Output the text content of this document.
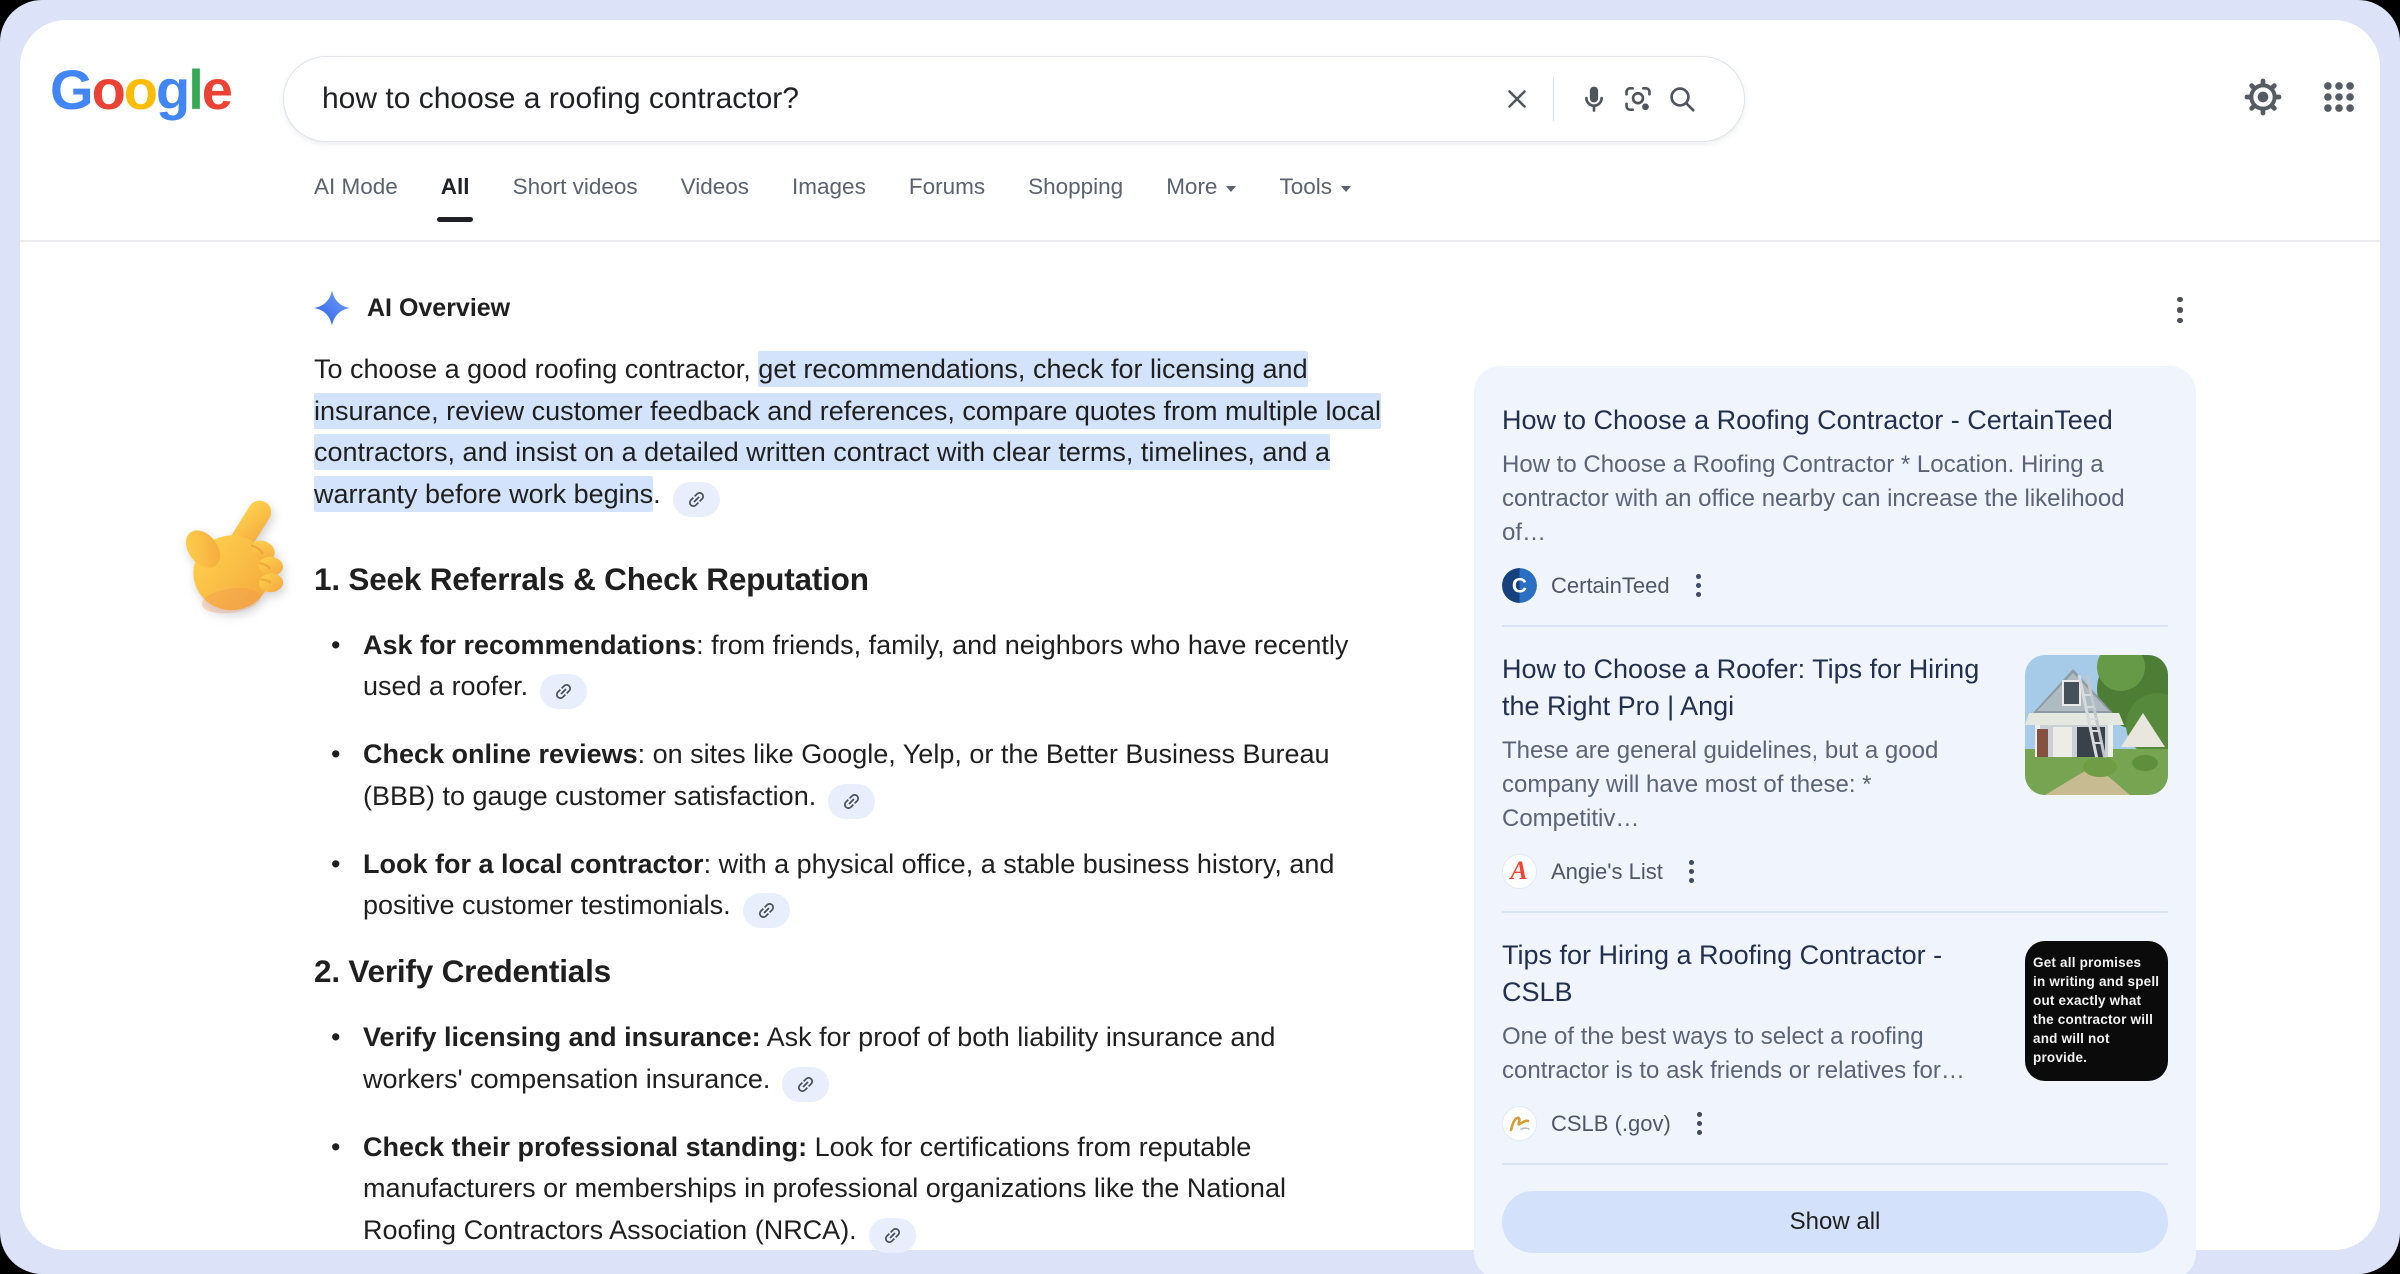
Google	how to choose a roofing contractor?
AI Mode All Short videos Videos Images Forums Shopping More	Tools
AI Overview
To choose a good roofing contractor, get recommendations, check for licensing and insurance, review customer feedback and references, compare quotes from multiple local contractors, and insist on a detailed written contract with clear terms, timelines, and a warranty before work begins.
1. Seek Referrals & Check Reputation
• Ask for recommendations: from friends, family, and neighbors who have recently used a roofer.
• Check online reviews: on sites like Google, Yelp, or the Better Business Bureau (BBB) to gauge customer satisfaction.
• Look for a local contractor: with a physical office, a stable business history, and positive customer testimonials.
2. Verify Credentials
• Verify licensing and insurance: Ask for proof of both liability insurance and workers' compensation insurance.
• Check their professional standing: Look for certifications from reputable manufacturers or memberships in professional organizations like the National Roofing Contractors Association (NRCA).
How to Choose a Roofing Contractor - CertainTeed
How to Choose a Roofing Contractor * Location. Hiring a contractor with an office nearby can increase the likelihood of…
C CertainTeed
How to Choose a Roofer: Tips for Hiring the Right Pro | Angi
These are general guidelines, but a good company will have most of these: * Competitiv…
A Angie's List
Tips for Hiring a Roofing Contractor - CSLB
One of the best ways to select a roofing contractor is to ask friends or relatives for…
CSLB (.gov)
Get all promises
in writing and spell
out exactly what
the contractor will
and will not provide.
Show all
